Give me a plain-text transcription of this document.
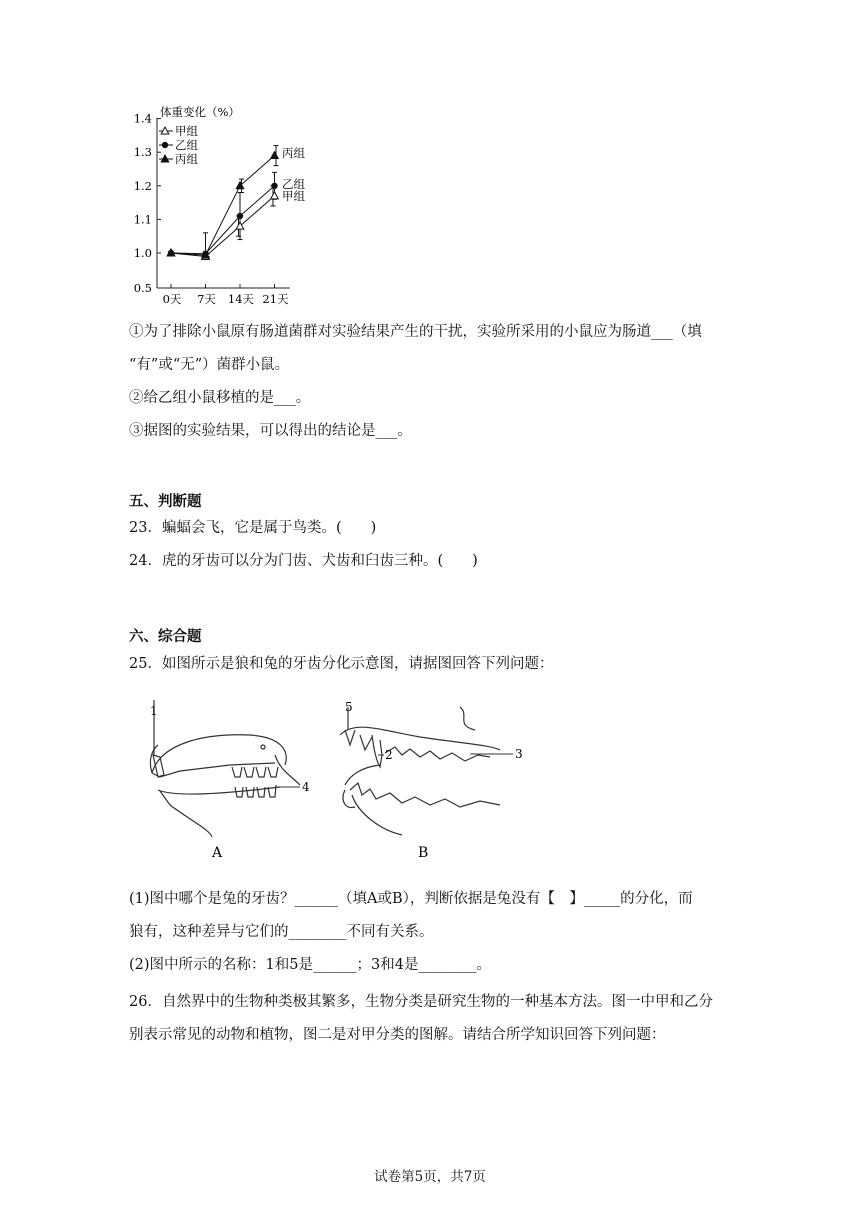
体重变化（%）
0.5
1.0
1.1
1.2
1.3
1.4
0天 7天 14天 21天
甲组
乙组
丙组
甲组
乙组
丙组
①为了排除小鼠原有肠道菌群对实验结果产生的干扰，实验所采用的小鼠应为肠道___（填
“有”或“无”）菌群小鼠。
②给乙组小鼠移植的是___。
③据图的实验结果，可以得出的结论是___。
五、判断题
23．蝙蝠会飞，它是属于鸟类。(　　)
24．虎的牙齿可以分为门齿、犬齿和臼齿三种。(　　)
六、综合题
25．如图所示是狼和兔的牙齿分化示意图，请据图回答下列问题：
1
4
5
2	3
A	B
(1)图中哪个是兔的牙齿？______（填A或B），判断依据是兔没有【　】_____的分化，而
狼有，这种差异与它们的________不同有关系。
(2)图中所示的名称：1和5是______；3和4是________。
26．自然界中的生物种类极其繁多，生物分类是研究生物的一种基本方法。图一中甲和乙分
别表示常见的动物和植物，图二是对甲分类的图解。请结合所学知识回答下列问题：
试卷第5页，共7页
